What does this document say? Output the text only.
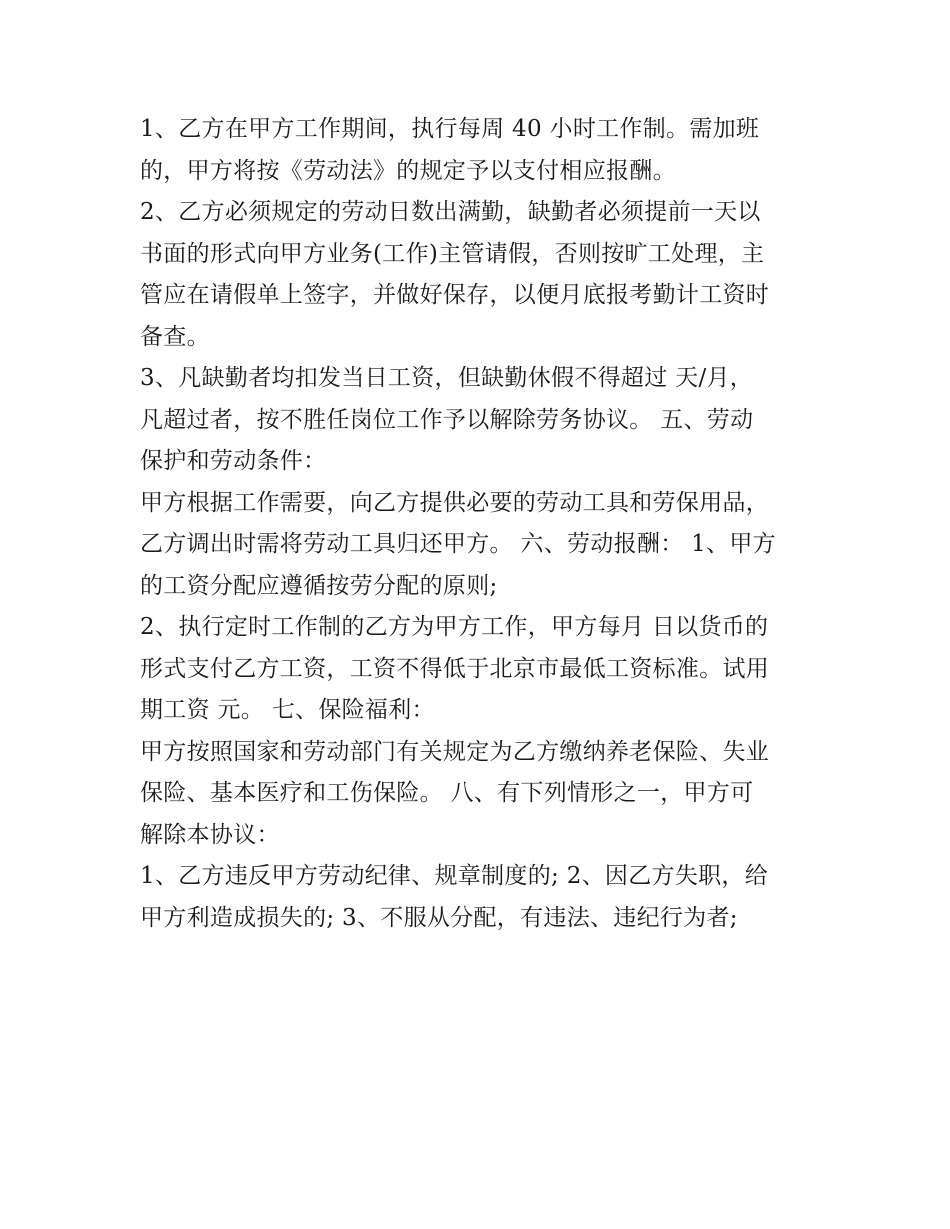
1、乙方在甲方工作期间，执行每周 40 小时工作制。需加班
的，甲方将按《劳动法》的规定予以支付相应报酬。
2、乙方必须规定的劳动日数出满勤，缺勤者必须提前一天以
书面的形式向甲方业务(工作)主管请假，否则按旷工处理，主
管应在请假单上签字，并做好保存，以便月底报考勤计工资时
备查。
3、凡缺勤者均扣发当日工资，但缺勤休假不得超过 天/月，
凡超过者，按不胜任岗位工作予以解除劳务协议。 五、劳动
保护和劳动条件：
甲方根据工作需要，向乙方提供必要的劳动工具和劳保用品，
乙方调出时需将劳动工具归还甲方。 六、劳动报酬： 1、甲方
的工资分配应遵循按劳分配的原则;
2、执行定时工作制的乙方为甲方工作，甲方每月 日以货币的
形式支付乙方工资，工资不得低于北京市最低工资标准。试用
期工资 元。 七、保险福利：
甲方按照国家和劳动部门有关规定为乙方缴纳养老保险、失业
保险、基本医疗和工伤保险。 八、有下列情形之一，甲方可
解除本协议：
1、乙方违反甲方劳动纪律、规章制度的; 2、因乙方失职，给
甲方利造成损失的; 3、不服从分配，有违法、违纪行为者;
